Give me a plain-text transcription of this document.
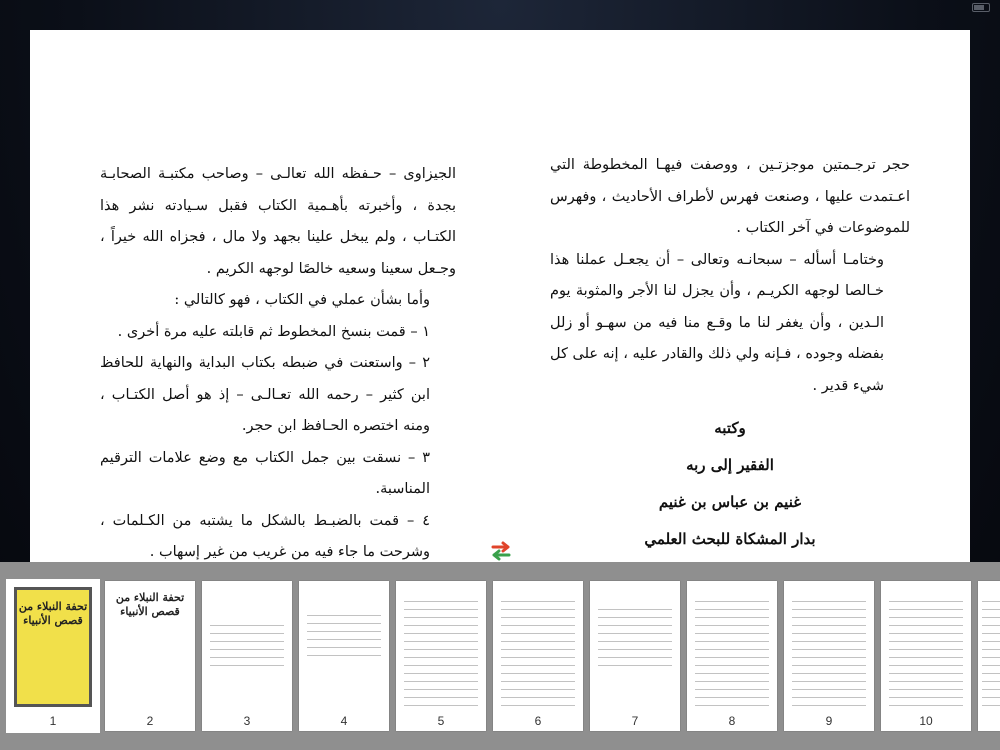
الجيزاوى – حـفظه الله تعالـى – وصاحب مكتبـة الصحابـة بجدة ، وأخبرته بأهـمية الكتاب فقبل سـيادته نشر هذا الكتـاب ، ولم يبخل علينا بجهد ولا مال ، فجزاه الله خيراً ، وجـعل سعينا وسعيه خالصًا لوجهه الكريم .

وأما بشأن عملي في الكتاب ، فهو كالتالي :

١ – قمت بنسخ المخطوط ثم قابلته عليه مرة أخرى .

٢ – واستعنت في ضبطه بكتاب البداية والنهاية للحافظ ابن كثير – رحمه الله تعـالـى – إذ هو أصل الكتـاب ، ومنه اختصره الحـافظ ابن حجر.

٣ – نسقت بين جمل الكتاب مع وضع علامات الترقيم المناسبة.

٤ – قمت بالضبـط بالشكل ما يشتبه من الكـلمات ، وشرحت ما جاء فيه من غريب من غير إسهاب .

حجر ترجـمتين موجزتـين ، ووصفت فيهـا المخطوطة التي اعـتمدت عليها ، وصنعت فهرس لأطراف الأحاديث ، وفهرس للموضوعات في آخر الكتاب .

وختامـا أسأله – سبحانـه وتعالى – أن يجعـل عملنا هذا خـالصا لوجهه الكريـم ، وأن يجزل لنا الأجر والمثوبة يوم الـدين ، وأن يغفر لنا ما وقـع منا فيه من سهـو أو زلل بفضله وجوده ، فـإنه ولي ذلك والقادر عليه ، إنه على كل شيء قدير .

وكتبه

الفقير إلى ربه

غنيم بن عباس بن غنيم

بدار المشكاة للبحث العلمي

تحفة النبلاء من قصص الأنبياء
1
تحفة النبلاء من قصص الأنبياء
2	3	4	5	6	7	8	9	10
